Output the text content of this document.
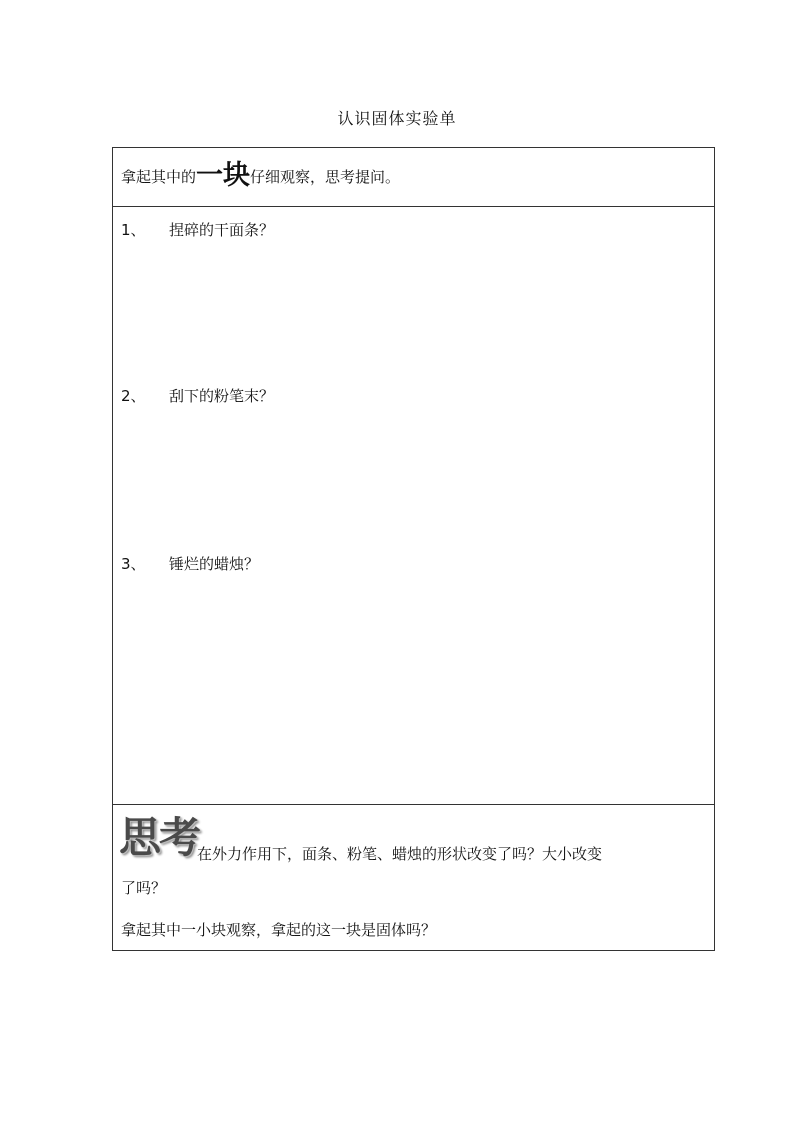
认识固体实验单
拿起其中的一块仔细观察，思考提问。
1、 捏碎的干面条？
2、 刮下的粉笔末？
3、 锤烂的蜡烛？
思考
在外力作用下，面条、粉笔、蜡烛的形状改变了吗？大小改变
了吗？
拿起其中一小块观察，拿起的这一块是固体吗？
